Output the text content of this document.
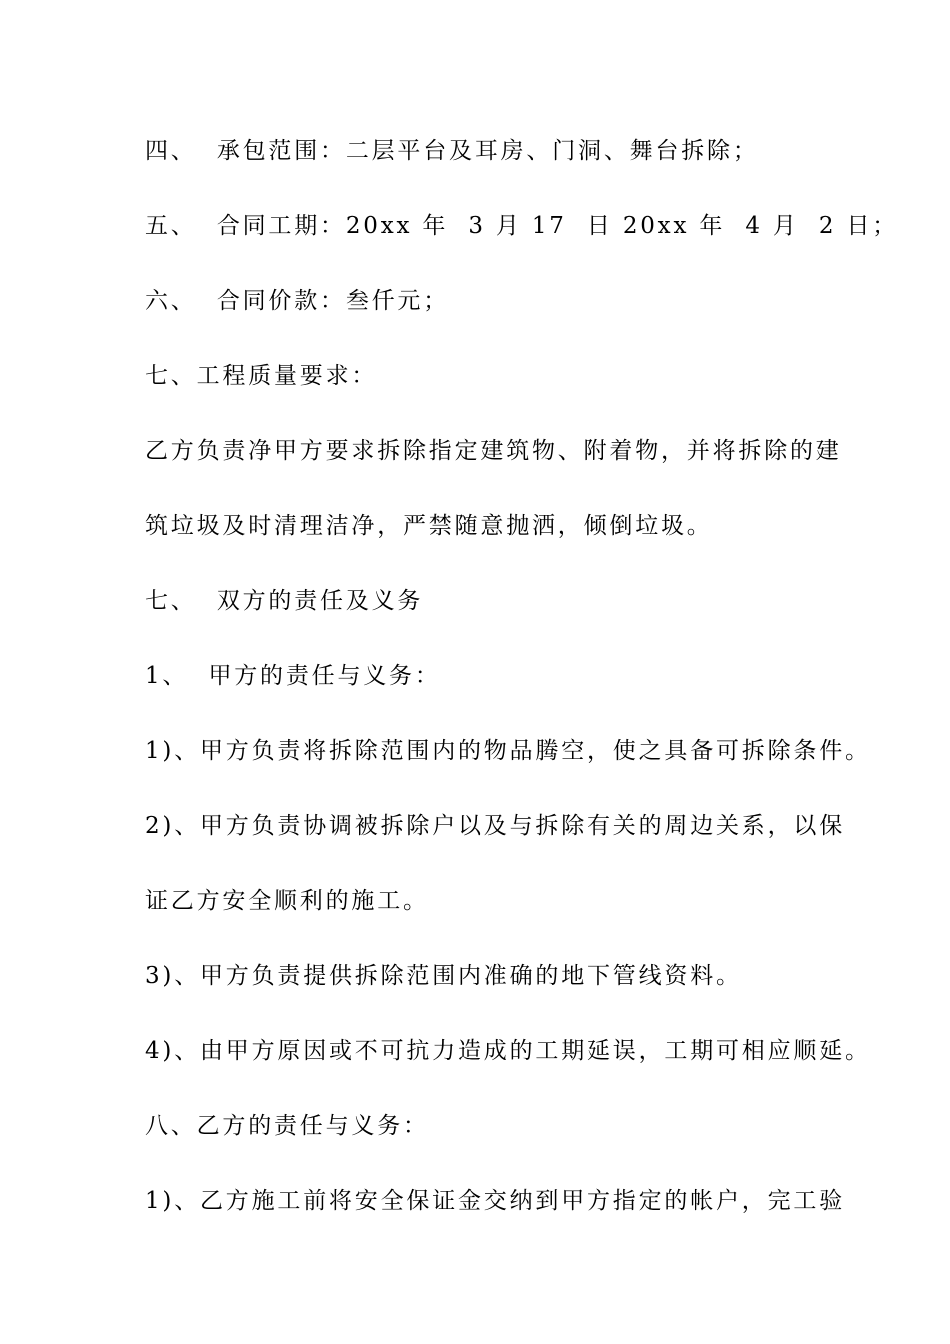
四、  承包范围：二层平台及耳房、门洞、舞台拆除；

五、  合同工期：20xx 年  3 月 17  日 20xx 年  4 月  2 日；

六、  合同价款：叁仟元；

七、工程质量要求：

乙方负责净甲方要求拆除指定建筑物、附着物，并将拆除的建

筑垃圾及时清理洁净，严禁随意抛洒，倾倒垃圾。

七、  双方的责任及义务

1、  甲方的责任与义务：

1)、甲方负责将拆除范围内的物品腾空，使之具备可拆除条件。

2)、甲方负责协调被拆除户以及与拆除有关的周边关系，以保

证乙方安全顺利的施工。

3)、甲方负责提供拆除范围内准确的地下管线资料。

4)、由甲方原因或不可抗力造成的工期延误，工期可相应顺延。

八、乙方的责任与义务：

1)、乙方施工前将安全保证金交纳到甲方指定的帐户，完工验
